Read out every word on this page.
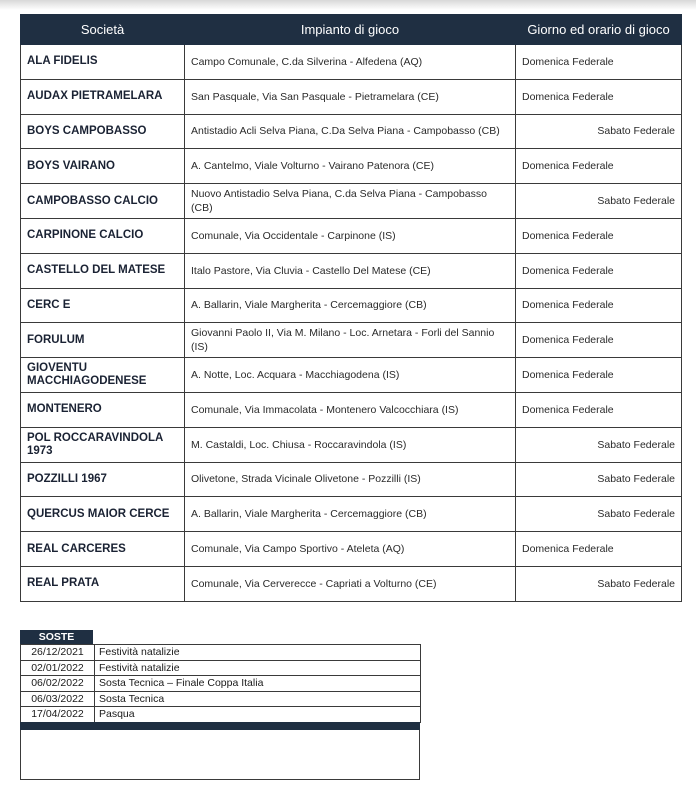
Società	Impianto di gioco	Giorno ed orario di gioco
ALA FIDELIS	Campo Comunale, C.da Silverina - Alfedena (AQ)	Domenica Federale
AUDAX PIETRAMELARA	San Pasquale, Via San Pasquale - Pietramelara (CE)	Domenica Federale
BOYS CAMPOBASSO	Antistadio Acli Selva Piana, C.Da Selva Piana - Campobasso (CB)	Sabato Federale
BOYS VAIRANO	A. Cantelmo, Viale Volturno - Vairano Patenora (CE)	Domenica Federale
CAMPOBASSO CALCIO	Nuovo Antistadio Selva Piana, C.da Selva Piana - Campobasso (CB)	Sabato Federale
CARPINONE CALCIO	Comunale, Via Occidentale - Carpinone (IS)	Domenica Federale
CASTELLO DEL MATESE	Italo Pastore, Via Cluvia - Castello Del Matese (CE)	Domenica Federale
CERC E	A. Ballarin, Viale Margherita - Cercemaggiore (CB)	Domenica Federale
FORULUM	Giovanni Paolo II, Via M. Milano - Loc. Arnetara - Forli del Sannio (IS)	Domenica Federale
GIOVENTU MACCHIAGODENESE	A. Notte, Loc. Acquara - Macchiagodena (IS)	Domenica Federale
MONTENERO	Comunale, Via Immacolata - Montenero Valcocchiara (IS)	Domenica Federale
POL ROCCARAVINDOLA 1973	M. Castaldi, Loc. Chiusa - Roccaravindola (IS)	Sabato Federale
POZZILLI 1967	Olivetone, Strada Vicinale Olivetone - Pozzilli (IS)	Sabato Federale
QUERCUS MAIOR CERCE	A. Ballarin, Viale Margherita - Cercemaggiore (CB)	Sabato Federale
REAL CARCERES	Comunale, Via Campo Sportivo - Ateleta (AQ)	Domenica Federale
REAL PRATA	Comunale, Via Cerverecce - Capriati a Volturno (CE)	Sabato Federale
SOSTE
26/12/2021	Festività natalizie
02/01/2022	Festività natalizie
06/02/2022	Sosta Tecnica – Finale Coppa Italia
06/03/2022	Sosta Tecnica
17/04/2022	Pasqua
